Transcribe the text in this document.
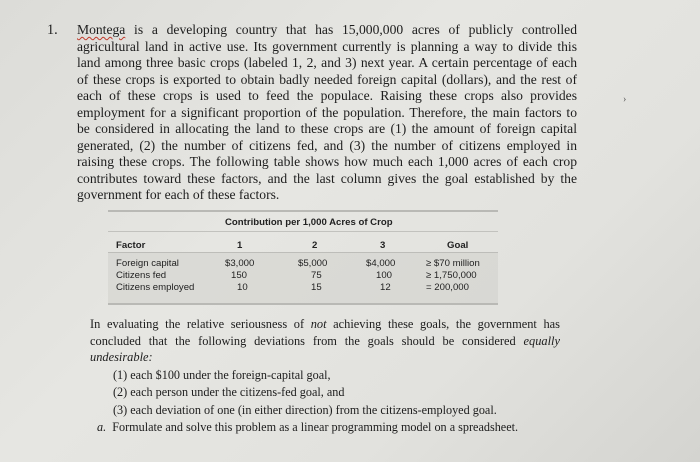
1. Montega is a developing country that has 15,000,000 acres of publicly controlled
agricultural land in active use. Its government currently is planning a way to divide this
land among three basic crops (labeled 1, 2, and 3) next year. A certain percentage of each
of these crops is exported to obtain badly needed foreign capital (dollars), and the rest of
each of these crops is used to feed the populace. Raising these crops also provides
employment for a significant proportion of the population. Therefore, the main factors to
be considered in allocating the land to these crops are (1) the amount of foreign capital
generated, (2) the number of citizens fed, and (3) the number of citizens employed in
raising these crops. The following table shows how much each 1,000 acres of each crop
contributes toward these factors, and the last column gives the goal established by the
government for each of these factors.
Contribution per 1,000 Acres of Crop
Factor	1	2	3	Goal
Foreign capital	$3,000	$5,000	$4,000	≥ $70 million
Citizens fed	150	75	100	≥ 1,750,000
Citizens employed	10	15	12	= 200,000
In evaluating the relative seriousness of not achieving these goals, the government has
concluded that the following deviations from the goals should be considered equally
undesirable:
(1) each $100 under the foreign-capital goal,
(2) each person under the citizens-fed goal, and
(3) each deviation of one (in either direction) from the citizens-employed goal.
a. Formulate and solve this problem as a linear programming model on a spreadsheet.
›
